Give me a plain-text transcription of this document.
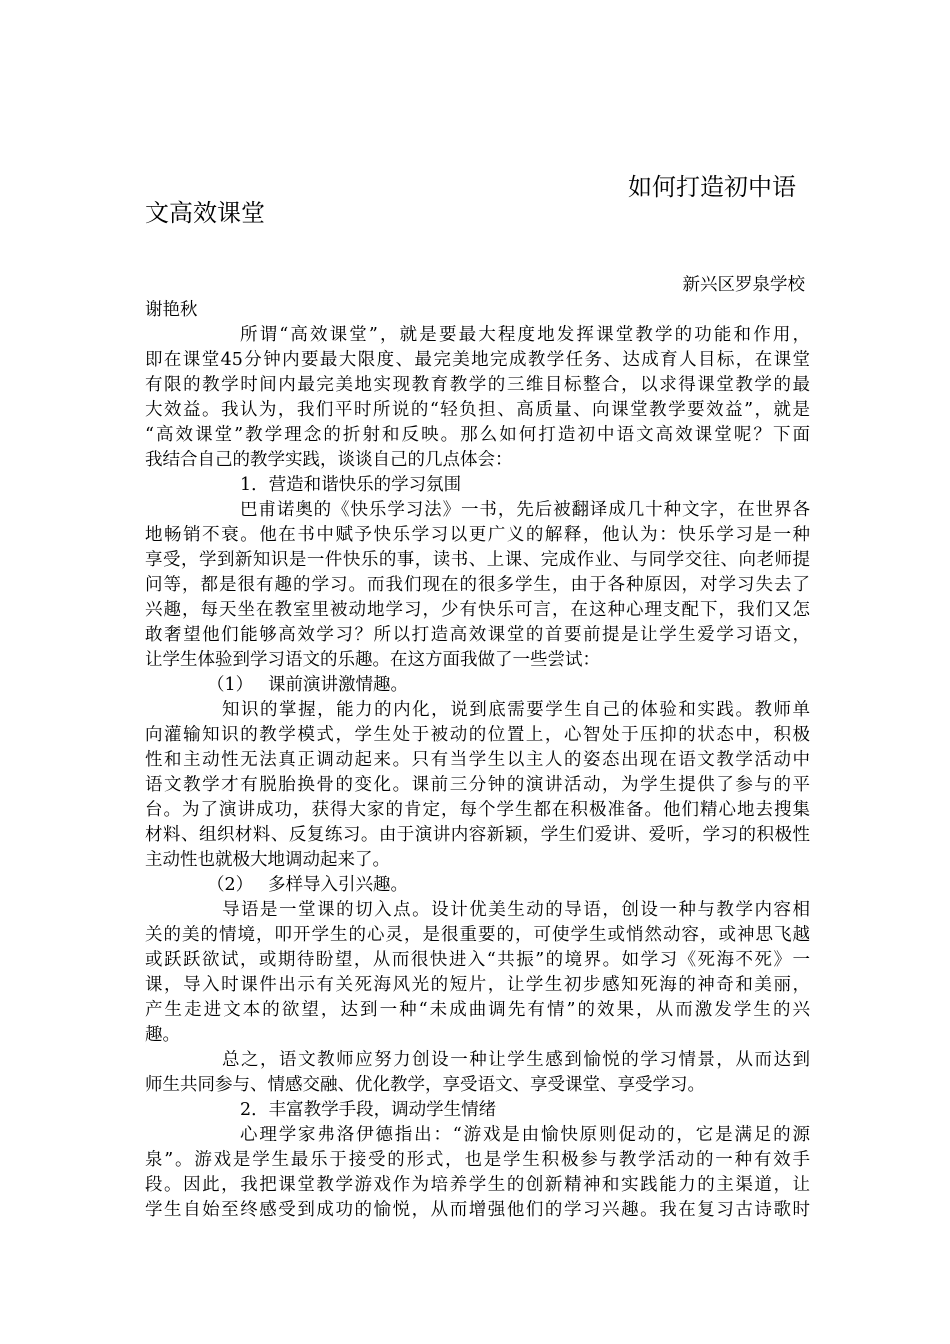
如何打造初中语
文高效课堂
新兴区罗泉学校
谢艳秋
所谓“高效课堂”，就是要最大程度地发挥课堂教学的功能和作用，
即在课堂45分钟内要最大限度、最完美地完成教学任务、达成育人目标，在课堂
有限的教学时间内最完美地实现教育教学的三维目标整合，以求得课堂教学的最
大效益。我认为，我们平时所说的“轻负担、高质量、向课堂教学要效益”，就是
“高效课堂”教学理念的折射和反映。那么如何打造初中语文高效课堂呢？下面
我结合自己的教学实践，谈谈自己的几点体会：
1．营造和谐快乐的学习氛围
巴甫诺奥的《快乐学习法》一书，先后被翻译成几十种文字，在世界各
地畅销不衰。他在书中赋予快乐学习以更广义的解释，他认为：快乐学习是一种
享受，学到新知识是一件快乐的事，读书、上课、完成作业、与同学交往、向老师提
问等，都是很有趣的学习。而我们现在的很多学生，由于各种原因，对学习失去了
兴趣，每天坐在教室里被动地学习，少有快乐可言，在这种心理支配下，我们又怎
敢奢望他们能够高效学习？所以打造高效课堂的首要前提是让学生爱学习语文，
让学生体验到学习语文的乐趣。在这方面我做了一些尝试：
（1） 课前演讲激情趣。
知识的掌握，能力的内化，说到底需要学生自己的体验和实践。教师单
向灌输知识的教学模式，学生处于被动的位置上，心智处于压抑的状态中，积极
性和主动性无法真正调动起来。只有当学生以主人的姿态出现在语文教学活动中
语文教学才有脱胎换骨的变化。课前三分钟的演讲活动，为学生提供了参与的平
台。为了演讲成功，获得大家的肯定，每个学生都在积极准备。他们精心地去搜集
材料、组织材料、反复练习。由于演讲内容新颖，学生们爱讲、爱听，学习的积极性
主动性也就极大地调动起来了。
（2） 多样导入引兴趣。
导语是一堂课的切入点。设计优美生动的导语，创设一种与教学内容相
关的美的情境，叩开学生的心灵，是很重要的，可使学生或悄然动容，或神思飞越
或跃跃欲试，或期待盼望，从而很快进入“共振”的境界。如学习《死海不死》一
课，导入时课件出示有关死海风光的短片，让学生初步感知死海的神奇和美丽，
产生走进文本的欲望，达到一种“未成曲调先有情”的效果，从而激发学生的兴
趣。
总之，语文教师应努力创设一种让学生感到愉悦的学习情景，从而达到
师生共同参与、情感交融、优化教学，享受语文、享受课堂、享受学习。
2．丰富教学手段，调动学生情绪
心理学家弗洛伊德指出：“游戏是由愉快原则促动的，它是满足的源
泉”。游戏是学生最乐于接受的形式，也是学生积极参与教学活动的一种有效手
段。因此，我把课堂教学游戏作为培养学生的创新精神和实践能力的主渠道，让
学生自始至终感受到成功的愉悦，从而增强他们的学习兴趣。我在复习古诗歌时
